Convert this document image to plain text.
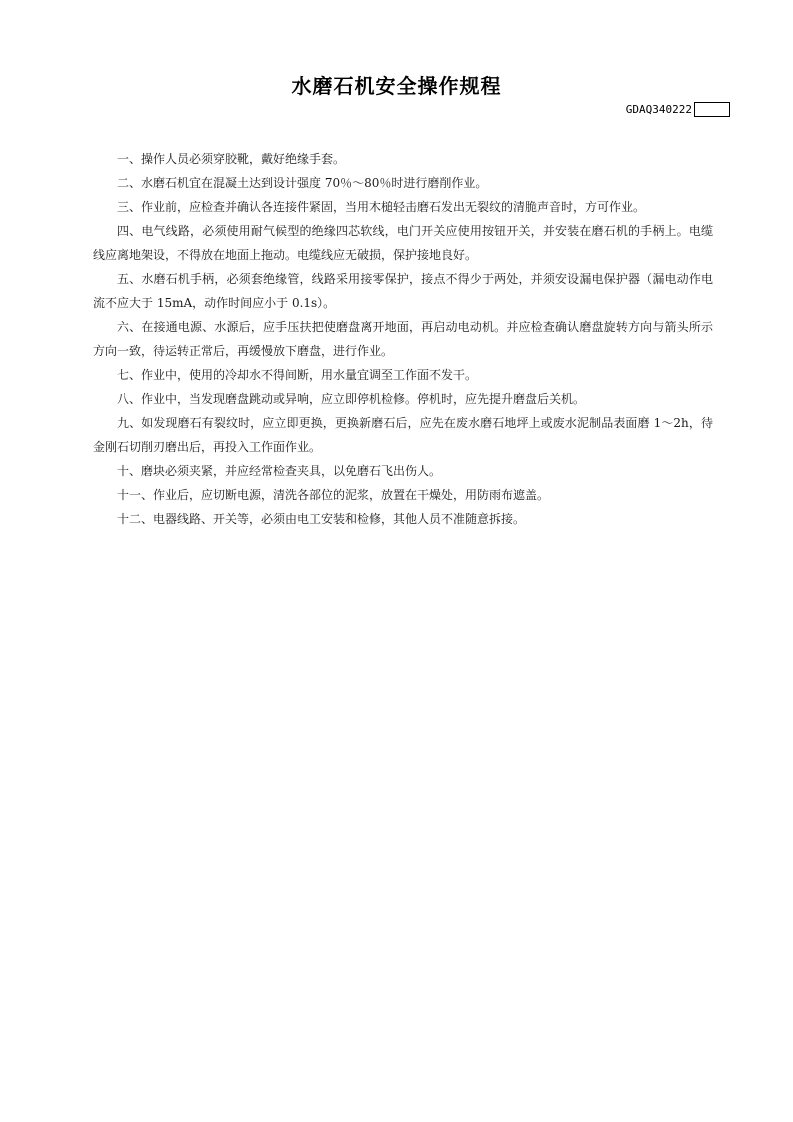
水磨石机安全操作规程
GDAQ340222

一、操作人员必须穿胶靴，戴好绝缘手套。

二、水磨石机宜在混凝土达到设计强度 70％～80％时进行磨削作业。

三、作业前，应检查并确认各连接件紧固，当用木槌轻击磨石发出无裂纹的清脆声音时，方可作业。

四、电气线路，必须使用耐气候型的绝缘四芯软线，电门开关应使用按钮开关，并安装在磨石机的手柄上。电缆线应离地架设，不得放在地面上拖动。电缆线应无破损，保护接地良好。

五、水磨石机手柄，必须套绝缘管，线路采用接零保护，接点不得少于两处，并须安设漏电保护器（漏电动作电流不应大于 15mA，动作时间应小于 0.1s）。

六、在接通电源、水源后，应手压扶把使磨盘离开地面，再启动电动机。并应检查确认磨盘旋转方向与箭头所示方向一致，待运转正常后，再缓慢放下磨盘，进行作业。

七、作业中，使用的冷却水不得间断，用水量宜调至工作面不发干。

八、作业中，当发现磨盘跳动或异响，应立即停机检修。停机时，应先提升磨盘后关机。

九、如发现磨石有裂纹时，应立即更换，更换新磨石后，应先在废水磨石地坪上或废水泥制品表面磨 1～2h，待金刚石切削刃磨出后，再投入工作面作业。

十、磨块必须夹紧，并应经常检查夹具，以免磨石飞出伤人。

十一、作业后，应切断电源，清洗各部位的泥浆，放置在干燥处，用防雨布遮盖。

十二、电器线路、开关等，必须由电工安装和检修，其他人员不准随意拆接。
